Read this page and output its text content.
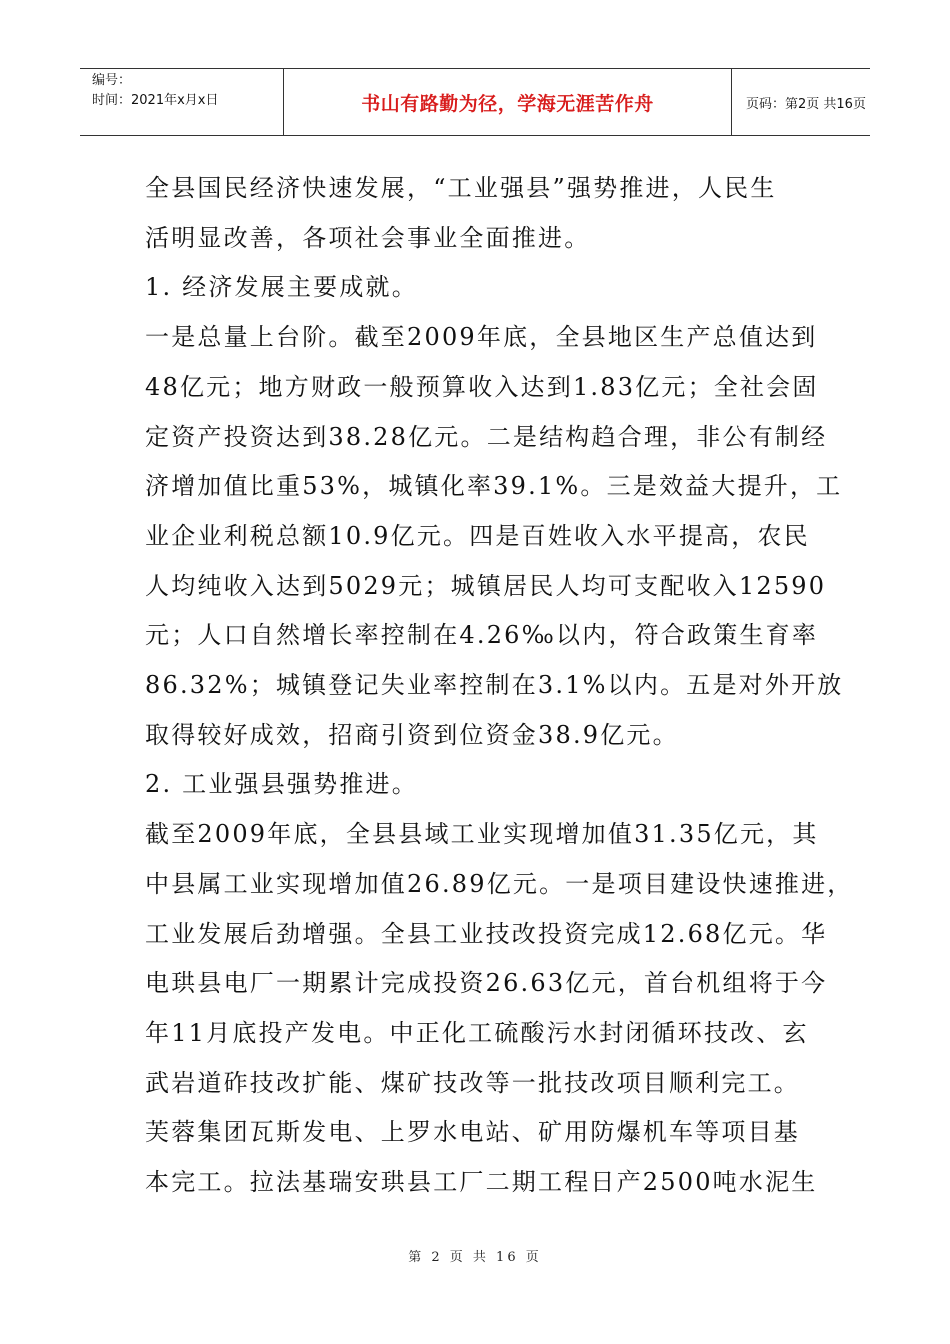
编号：
时间：2021年x月x日	书山有路勤为径，学海无涯苦作舟	页码：第2页 共16页

全县国民经济快速发展，“工业强县”强势推进，人民生

活明显改善，各项社会事业全面推进。

1. 经济发展主要成就。

一是总量上台阶。截至2009年底，全县地区生产总值达到

48亿元；地方财政一般预算收入达到1.83亿元；全社会固

定资产投资达到38.28亿元。二是结构趋合理，非公有制经

济增加值比重53%，城镇化率39.1%。三是效益大提升，工

业企业利税总额10.9亿元。四是百姓收入水平提高，农民

人均纯收入达到5029元；城镇居民人均可支配收入12590

元；人口自然增长率控制在4.26‰以内，符合政策生育率

86.32%；城镇登记失业率控制在3.1%以内。五是对外开放

取得较好成效，招商引资到位资金38.9亿元。

2. 工业强县强势推进。

截至2009年底，全县县域工业实现增加值31.35亿元，其

中县属工业实现增加值26.89亿元。一是项目建设快速推进，

工业发展后劲增强。全县工业技改投资完成12.68亿元。华

电珙县电厂一期累计完成投资26.63亿元，首台机组将于今

年11月底投产发电。中正化工硫酸污水封闭循环技改、玄

武岩道砟技改扩能、煤矿技改等一批技改项目顺利完工。

芙蓉集团瓦斯发电、上罗水电站、矿用防爆机车等项目基

本完工。拉法基瑞安珙县工厂二期工程日产2500吨水泥生

第 2 页 共 16 页
